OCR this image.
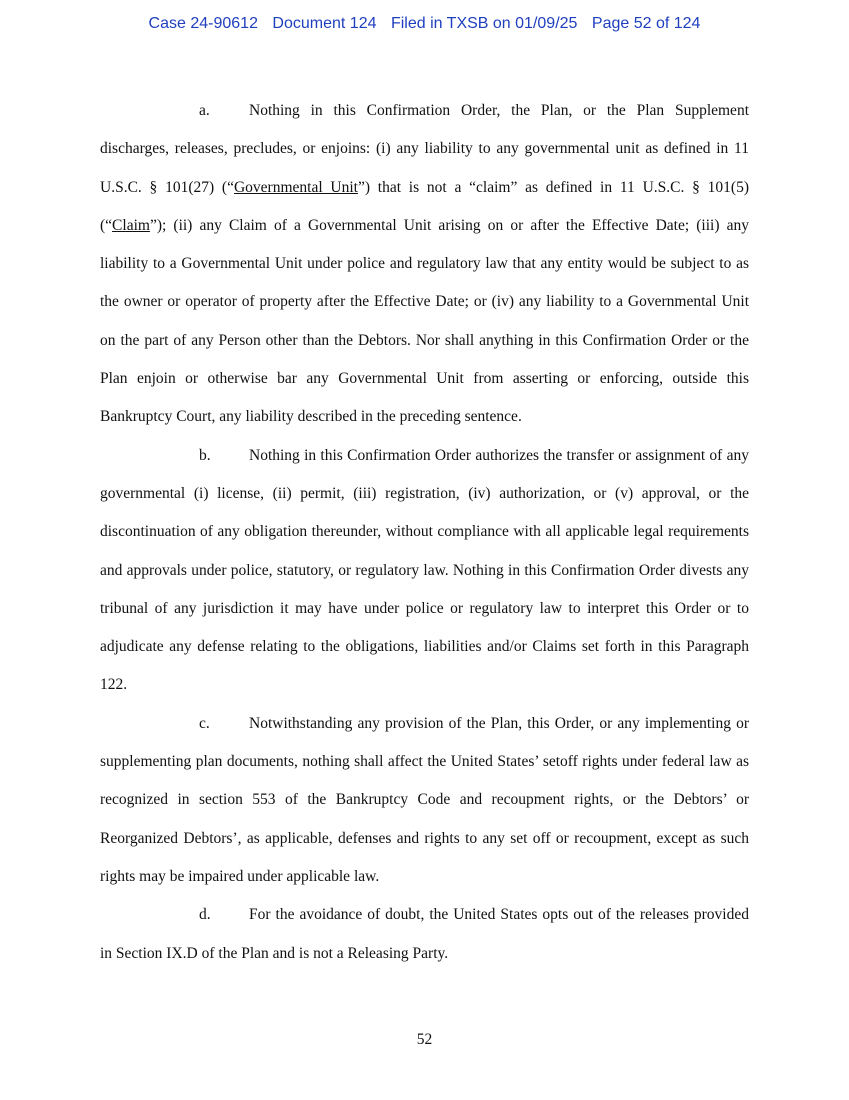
Case 24-90612 Document 124 Filed in TXSB on 01/09/25 Page 52 of 124

a.	Nothing in this Confirmation Order, the Plan, or the Plan Supplement discharges, releases, precludes, or enjoins: (i) any liability to any governmental unit as defined in 11 U.S.C. § 101(27) (“Governmental Unit”) that is not a “claim” as defined in 11 U.S.C. § 101(5) (“Claim”); (ii) any Claim of a Governmental Unit arising on or after the Effective Date; (iii) any liability to a Governmental Unit under police and regulatory law that any entity would be subject to as the owner or operator of property after the Effective Date; or (iv) any liability to a Governmental Unit on the part of any Person other than the Debtors. Nor shall anything in this Confirmation Order or the Plan enjoin or otherwise bar any Governmental Unit from asserting or enforcing, outside this Bankruptcy Court, any liability described in the preceding sentence.

b. Nothing in this Confirmation Order authorizes the transfer or assignment of any governmental (i) license, (ii) permit, (iii) registration, (iv) authorization, or (v) approval, or the discontinuation of any obligation thereunder, without compliance with all applicable legal requirements and approvals under police, statutory, or regulatory law. Nothing in this Confirmation Order divests any tribunal of any jurisdiction it may have under police or regulatory law to interpret this Order or to adjudicate any defense relating to the obligations, liabilities and/or Claims set forth in this Paragraph 122.

c.	Notwithstanding any provision of the Plan, this Order, or any implementing or supplementing plan documents, nothing shall affect the United States’ setoff rights under federal law as recognized in section 553 of the Bankruptcy Code and recoupment rights, or the Debtors’ or Reorganized Debtors’, as applicable, defenses and rights to any set off or recoupment, except as such rights may be impaired under applicable law.

d. For the avoidance of doubt, the United States opts out of the releases provided in Section IX.D of the Plan and is not a Releasing Party.

52
